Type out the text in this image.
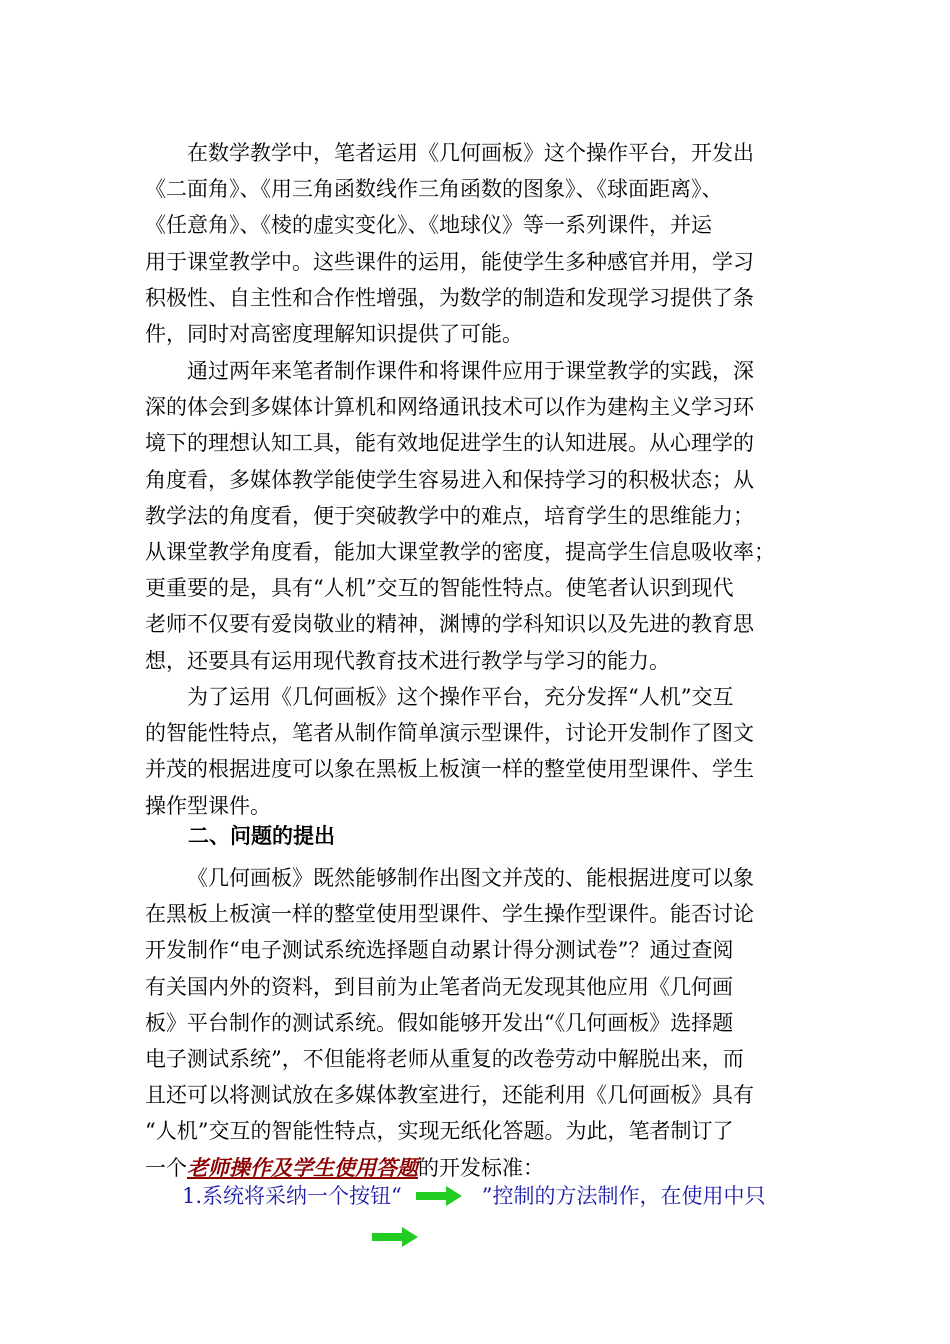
在数学教学中，笔者运用《几何画板》这个操作平台，开发出
《二面角》、《用三角函数线作三角函数的图象》、《球面距离》、
《任意角》、《棱的虚实变化》、《地球仪》等一系列课件，并运
用于课堂教学中。这些课件的运用，能使学生多种感官并用，学习
积极性、自主性和合作性增强，为数学的制造和发现学习提供了条
件，同时对高密度理解知识提供了可能。
通过两年来笔者制作课件和将课件应用于课堂教学的实践，深
深的体会到多媒体计算机和网络通讯技术可以作为建构主义学习环
境下的理想认知工具，能有效地促进学生的认知进展。从心理学的
角度看，多媒体教学能使学生容易进入和保持学习的积极状态；从
教学法的角度看，便于突破教学中的难点，培育学生的思维能力；
从课堂教学角度看，能加大课堂教学的密度，提高学生信息吸收率；
更重要的是，具有“人机”交互的智能性特点。使笔者认识到现代
老师不仅要有爱岗敬业的精神，渊博的学科知识以及先进的教育思
想，还要具有运用现代教育技术进行教学与学习的能力。
为了运用《几何画板》这个操作平台，充分发挥“人机”交互
的智能性特点，笔者从制作简单演示型课件，讨论开发制作了图文
并茂的根据进度可以象在黑板上板演一样的整堂使用型课件、学生
操作型课件。
二、问题的提出
《几何画板》既然能够制作出图文并茂的、能根据进度可以象
在黑板上板演一样的整堂使用型课件、学生操作型课件。能否讨论
开发制作“电子测试系统选择题自动累计得分测试卷”？通过查阅
有关国内外的资料，到目前为止笔者尚无发现其他应用《几何画
板》平台制作的测试系统。假如能够开发出“《几何画板》选择题
电子测试系统”，不但能将老师从重复的改卷劳动中解脱出来，而
且还可以将测试放在多媒体教室进行，还能利用《几何画板》具有
“人机”交互的智能性特点，实现无纸化答题。为此，笔者制订了
一个老师操作及学生使用答题的开发标准：
1.系统将采纳一个按钮“	”控制的方法制作，在使用中只
